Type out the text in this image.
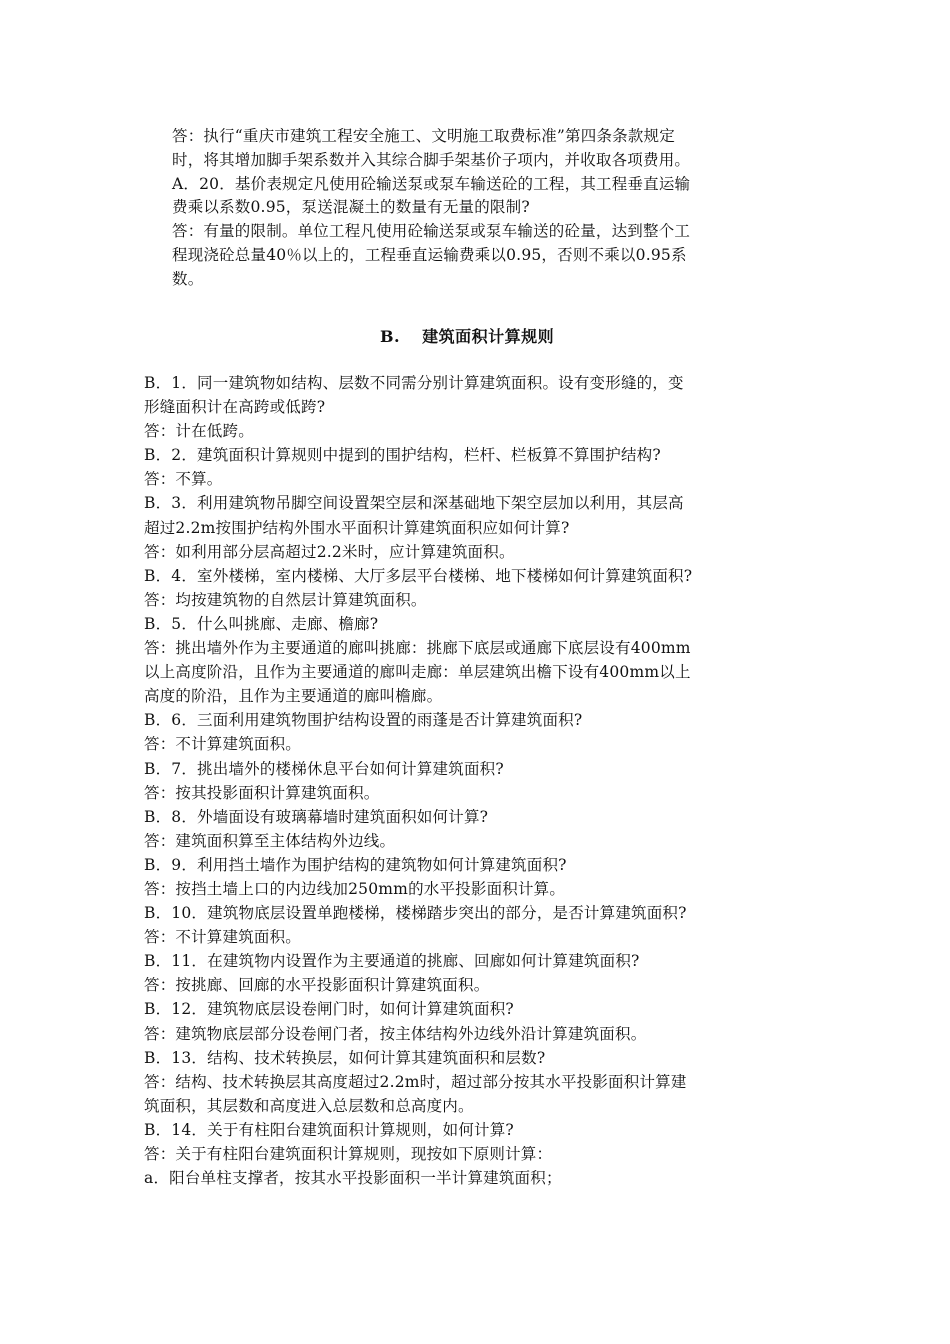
答：执行“重庆市建筑工程安全施工、文明施工取费标准”第四条条款规定
时，将其增加脚手架系数并入其综合脚手架基价子项内，并收取各项费用。
A．20．基价表规定凡使用砼输送泵或泵车输送砼的工程，其工程垂直运输
费乘以系数0.95，泵送混凝土的数量有无量的限制?
答：有量的限制。单位工程凡使用砼输送泵或泵车输送的砼量，达到整个工
程现浇砼总量40％以上的，工程垂直运输费乘以0.95，否则不乘以0.95系
数。
B. 建筑面积计算规则
B．1．同一建筑物如结构、层数不同需分别计算建筑面积。设有变形缝的，变
形缝面积计在高跨或低跨?
答：计在低跨。
B．2．建筑面积计算规则中提到的围护结构，栏杆、栏板算不算围护结构?
答：不算。
B．3．利用建筑物吊脚空间设置架空层和深基础地下架空层加以利用，其层高
超过2.2m按围护结构外围水平面积计算建筑面积应如何计算?
答：如利用部分层高超过2.2米时，应计算建筑面积。
B．4．室外楼梯，室内楼梯、大厅多层平台楼梯、地下楼梯如何计算建筑面积?
答：均按建筑物的自然层计算建筑面积。
B．5．什么叫挑廊、走廊、檐廊?
答：挑出墙外作为主要通道的廊叫挑廊：挑廊下底层或通廊下底层设有400mm
以上高度阶沿，且作为主要通道的廊叫走廊：单层建筑出檐下设有400mm以上
高度的阶沿，且作为主要通道的廊叫檐廊。
B．6．三面利用建筑物围护结构设置的雨蓬是否计算建筑面积?
答：不计算建筑面积。
B．7．挑出墙外的楼梯休息平台如何计算建筑面积?
答：按其投影面积计算建筑面积。
B．8．外墙面设有玻璃幕墙时建筑面积如何计算?
答：建筑面积算至主体结构外边线。
B．9．利用挡土墙作为围护结构的建筑物如何计算建筑面积?
答：按挡土墙上口的内边线加250mm的水平投影面积计算。
B．10．建筑物底层设置单跑楼梯，楼梯踏步突出的部分，是否计算建筑面积?
答：不计算建筑面积。
B．11．在建筑物内设置作为主要通道的挑廊、回廊如何计算建筑面积?
答：按挑廊、回廊的水平投影面积计算建筑面积。
B．12．建筑物底层设卷闸门时，如何计算建筑面积?
答：建筑物底层部分设卷闸门者，按主体结构外边线外沿计算建筑面积。
B．13．结构、技术转换层，如何计算其建筑面积和层数?
答：结构、技术转换层其高度超过2.2m时，超过部分按其水平投影面积计算建
筑面积，其层数和高度进入总层数和总高度内。
B．14．关于有柱阳台建筑面积计算规则，如何计算?
答：关于有柱阳台建筑面积计算规则，现按如下原则计算：
a．阳台单柱支撑者，按其水平投影面积一半计算建筑面积；
